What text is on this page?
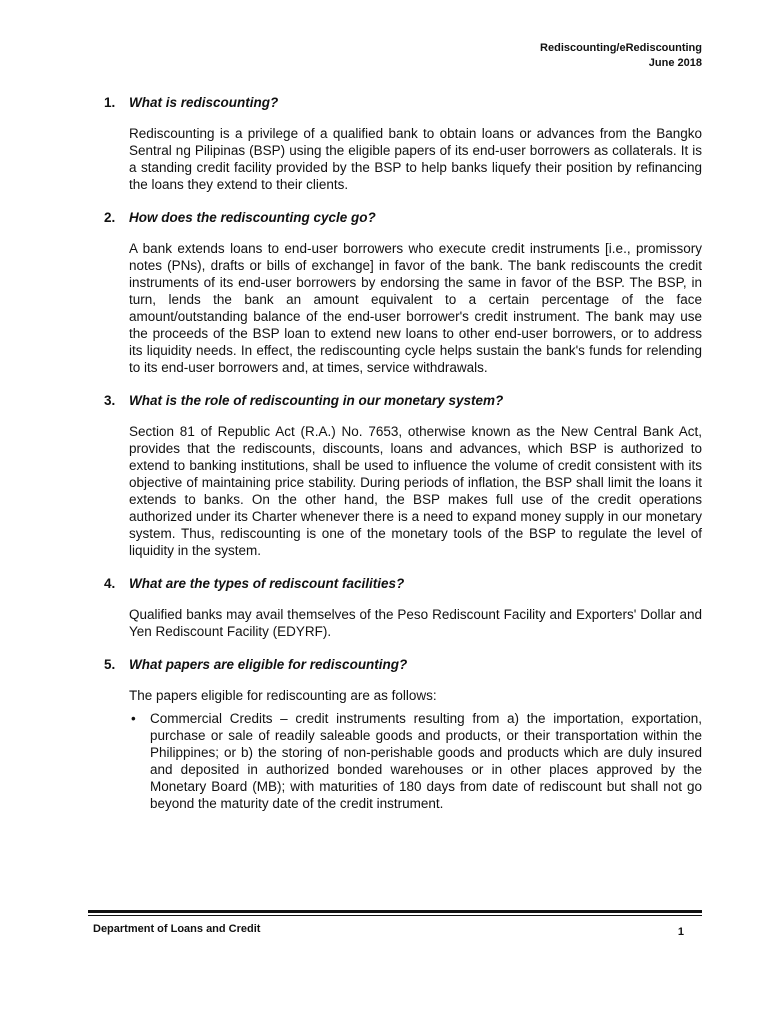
Rediscounting/eRediscounting
June 2018
1. What is rediscounting?
Rediscounting is a privilege of a qualified bank to obtain loans or advances from the Bangko Sentral ng Pilipinas (BSP) using the eligible papers of its end-user borrowers as collaterals. It is a standing credit facility provided by the BSP to help banks liquefy their position by refinancing the loans they extend to their clients.
2. How does the rediscounting cycle go?
A bank extends loans to end-user borrowers who execute credit instruments [i.e., promissory notes (PNs), drafts or bills of exchange] in favor of the bank. The bank rediscounts the credit instruments of its end-user borrowers by endorsing the same in favor of the BSP. The BSP, in turn, lends the bank an amount equivalent to a certain percentage of the face amount/outstanding balance of the end-user borrower's credit instrument. The bank may use the proceeds of the BSP loan to extend new loans to other end-user borrowers, or to address its liquidity needs. In effect, the rediscounting cycle helps sustain the bank's funds for relending to its end-user borrowers and, at times, service withdrawals.
3. What is the role of rediscounting in our monetary system?
Section 81 of Republic Act (R.A.) No. 7653, otherwise known as the New Central Bank Act, provides that the rediscounts, discounts, loans and advances, which BSP is authorized to extend to banking institutions, shall be used to influence the volume of credit consistent with its objective of maintaining price stability. During periods of inflation, the BSP shall limit the loans it extends to banks. On the other hand, the BSP makes full use of the credit operations authorized under its Charter whenever there is a need to expand money supply in our monetary system. Thus, rediscounting is one of the monetary tools of the BSP to regulate the level of liquidity in the system.
4. What are the types of rediscount facilities?
Qualified banks may avail themselves of the Peso Rediscount Facility and Exporters' Dollar and Yen Rediscount Facility (EDYRF).
5. What papers are eligible for rediscounting?
The papers eligible for rediscounting are as follows:
• Commercial Credits – credit instruments resulting from a) the importation, exportation, purchase or sale of readily saleable goods and products, or their transportation within the Philippines; or b) the storing of non-perishable goods and products which are duly insured and deposited in authorized bonded warehouses or in other places approved by the Monetary Board (MB); with maturities of 180 days from date of rediscount but shall not go beyond the maturity date of the credit instrument.
Department of Loans and Credit	1
